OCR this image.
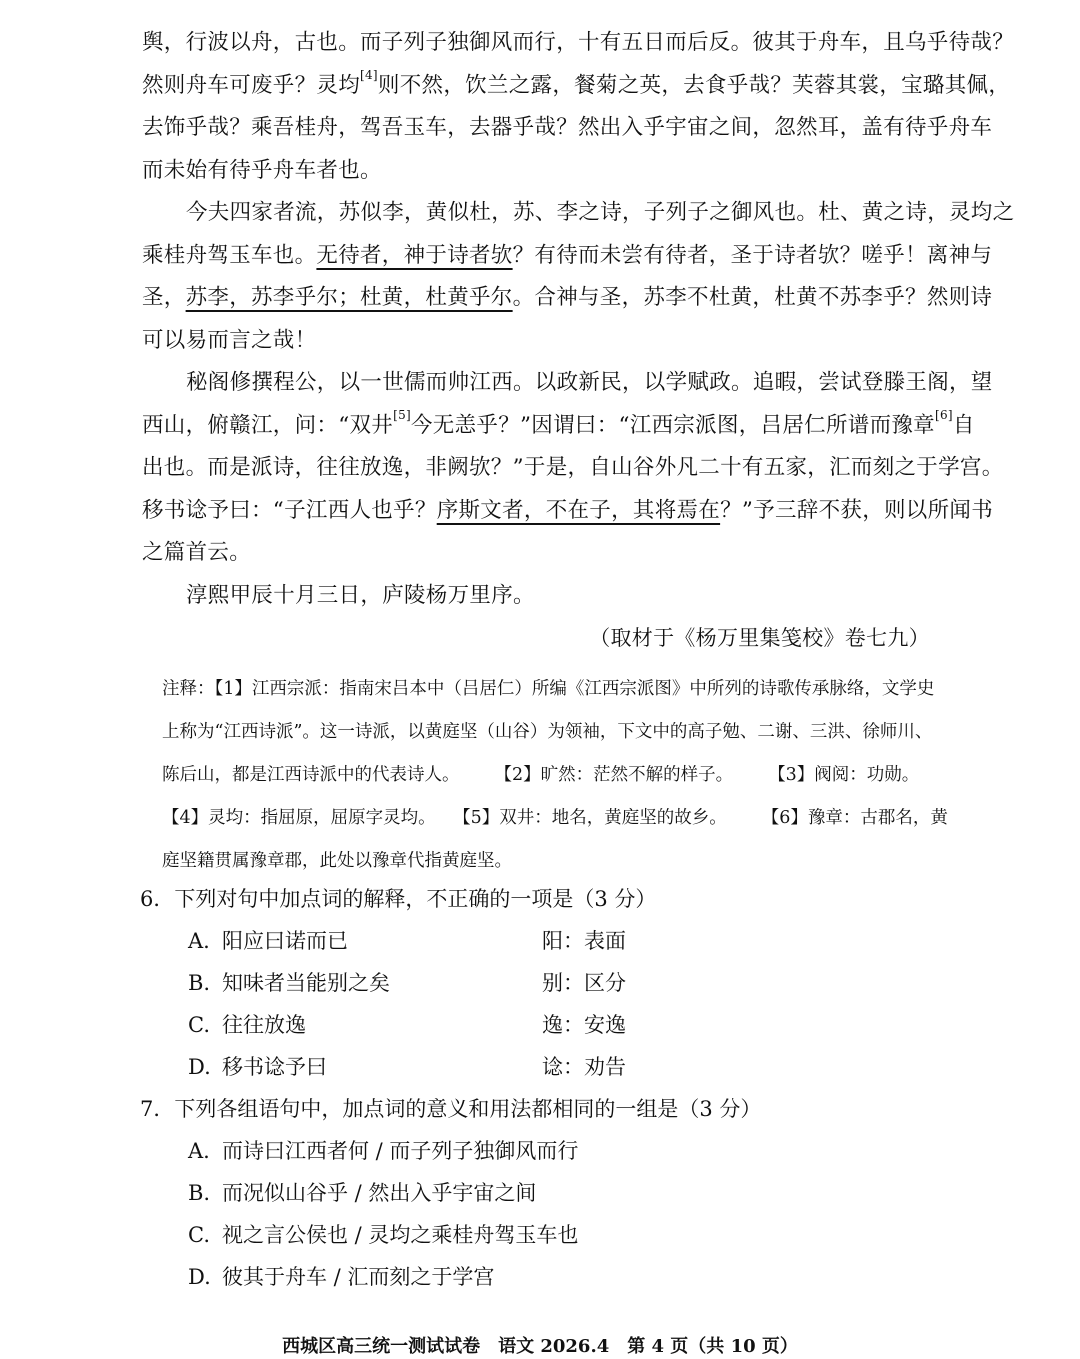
舆，行波以舟，古也。而子列子独御风而行，十有五日而后反。彼其于舟车，且乌乎待哉？
然则舟车可废乎？灵均[4]则不然，饮兰之露，餐菊之英，去食乎哉？芙蓉其裳，宝璐其佩，
去饰乎哉？乘吾桂舟，驾吾玉车，去器乎哉？然出入乎宇宙之间，忽然耳，盖有待乎舟车
而未始有待乎舟车者也。

今夫四家者流，苏似李，黄似杜，苏、李之诗，子列子之御风也。杜、黄之诗，灵均之
乘桂舟驾玉车也。无待者，神于诗者欤？有待而未尝有待者，圣于诗者欤？嗟乎！离神与
圣，苏李，苏李乎尔；杜黄，杜黄乎尔。合神与圣，苏李不杜黄，杜黄不苏李乎？然则诗
可以易而言之哉！

秘阁修撰程公，以一世儒而帅江西。以政新民，以学赋政。追暇，尝试登滕王阁，望
西山，俯赣江，问：“双井[5]今无恙乎？”因谓曰：“江西宗派图，吕居仁所谱而豫章[6]自
出也。而是派诗，往往放逸，非阙欤？”于是，自山谷外凡二十有五家，汇而刻之于学宫。
移书谂予曰：“子江西人也乎？序斯文者，不在子，其将焉在？”予三辞不获，则以所闻书
之篇首云。

淳熙甲辰十月三日，庐陵杨万里序。

（取材于《杨万里集笺校》卷七九）

注释：【1】江西宗派：指南宋吕本中（吕居仁）所编《江西宗派图》中所列的诗歌传承脉络，文学史
上称为“江西诗派”。这一诗派，以黄庭坚（山谷）为领袖，下文中的高子勉、二谢、三洪、徐师川、
陈后山，都是江西诗派中的代表诗人。　　　【2】旷然：茫然不解的样子。　　　【3】阀阅：功勋。
【4】灵均：指屈原，屈原字灵均。　　【5】双井：地名，黄庭坚的故乡。　　　【6】豫章：古郡名，黄
庭坚籍贯属豫章郡，此处以豫章代指黄庭坚。
6．下列对句中加点词的解释，不正确的一项是（3 分）
A. 阳应曰诺而已	阳：表面
B. 知味者当能别之矣	别：区分
C. 往往放逸	逸：安逸
D. 移书谂予曰	谂：劝告
7．下列各组语句中，加点词的意义和用法都相同的一组是（3 分）
A. 而诗曰江西者何 / 而子列子独御风而行
B. 而况似山谷乎 / 然出入乎宇宙之间
C. 视之言公侯也 / 灵均之乘桂舟驾玉车也
D. 彼其于舟车 / 汇而刻之于学宫
西城区高三统一测试试卷　语文 2026.4　第 4 页（共 10 页）
